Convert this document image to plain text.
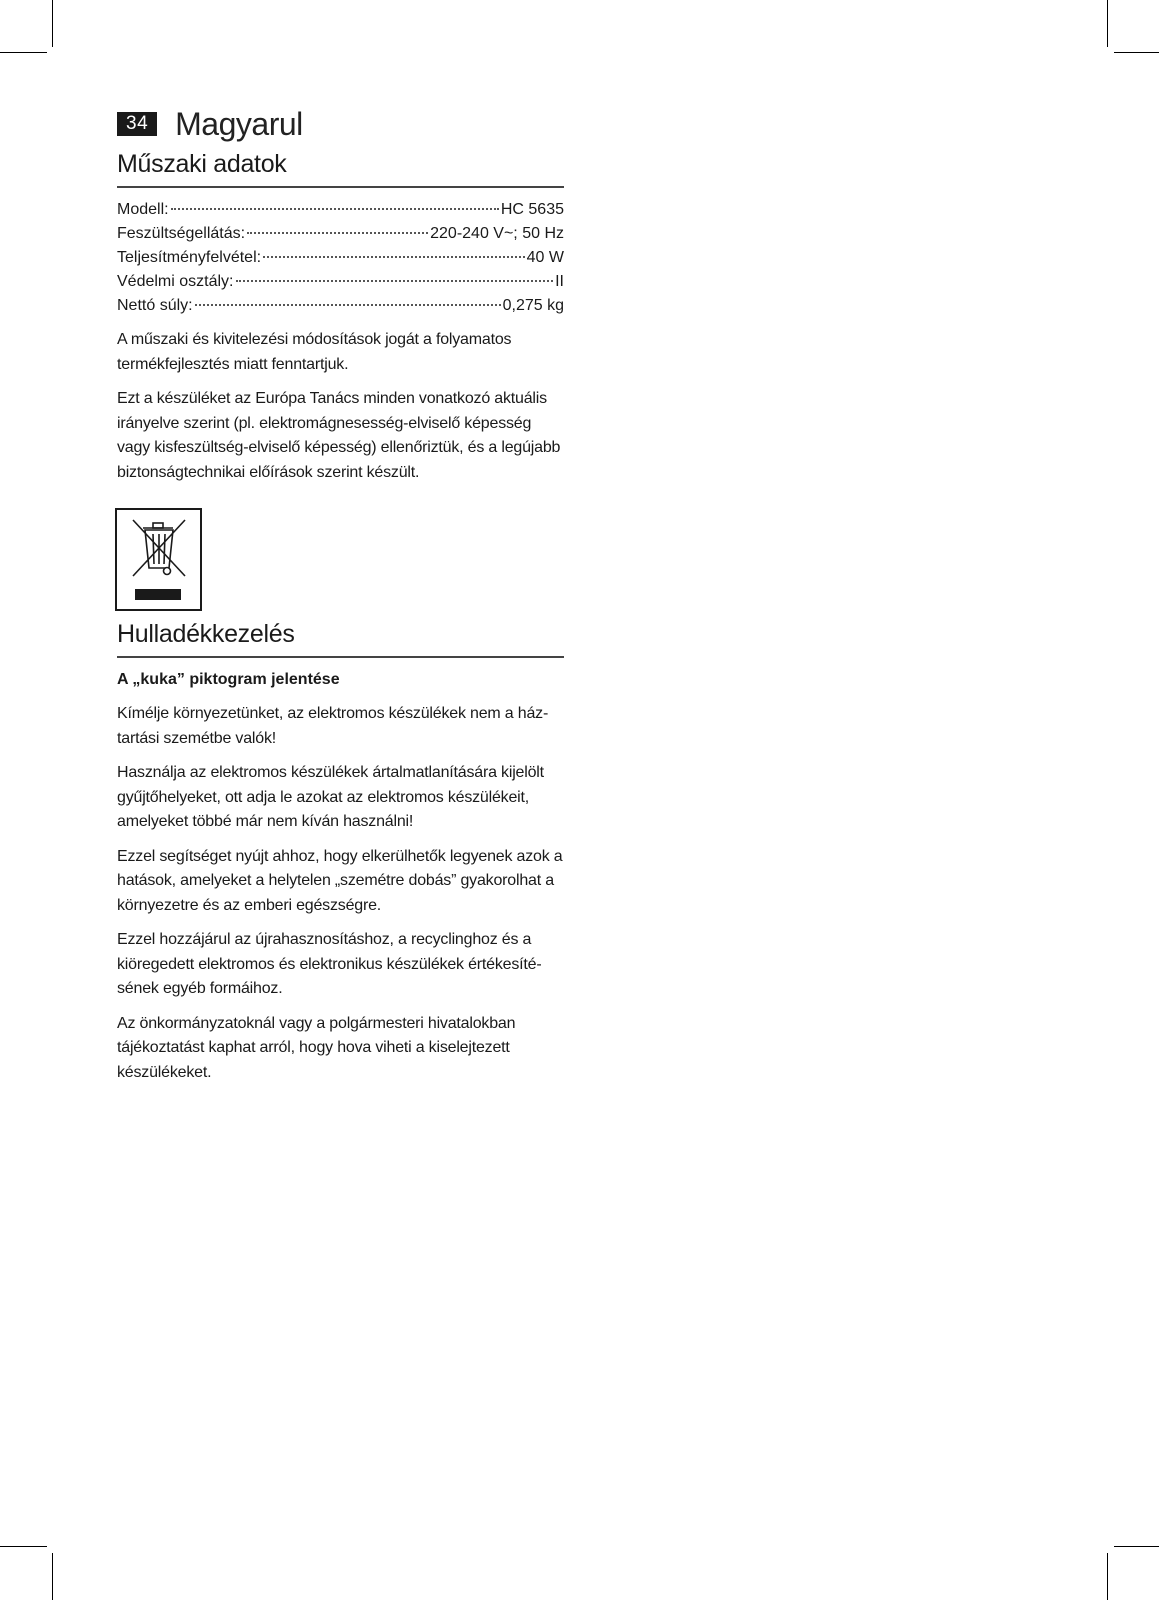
34 Magyarul
Műszaki adatok
Modell:	HC 5635
Feszültségellátás:	220-240 V~; 50 Hz
Teljesítményfelvétel:	40 W
Védelmi osztály:	II
Nettó súly:	0,275 kg

A műszaki és kivitelezési módosítások jogát a folyamatos termékfejlesztés miatt fenntartjuk.

Ezt a készüléket az Európa Tanács minden vonatkozó aktuális irányelve szerint (pl. elektromágnesesség-elviselő képesség vagy kisfeszültség-elviselő képesség) ellenőriztük, és a legújabb biztonságtechnikai előírások szerint készült.

Hulladékkezelés
A „kuka” piktogram jelentése

Kímélje környezetünket, az elektromos készülékek nem a háztartási szemétbe valók!

Használja az elektromos készülékek ártalmatlanítására kijelölt gyűjtőhelyeket, ott adja le azokat az elektromos készülékeit, amelyeket többé már nem kíván használni!

Ezzel segítséget nyújt ahhoz, hogy elkerülhetők legyenek azok a hatások, amelyeket a helytelen „szemétre dobás” gyakorolhat a környezetre és az emberi egészségre.

Ezzel hozzájárul az újrahasznosításhoz, a recyclinghoz és a kiöregedett elektromos és elektronikus készülékek értékesítésének egyéb formáihoz.

Az önkormányzatoknál vagy a polgármesteri hivatalokban tájékoztatást kaphat arról, hogy hova viheti a kiselejtezett készülékeket.
